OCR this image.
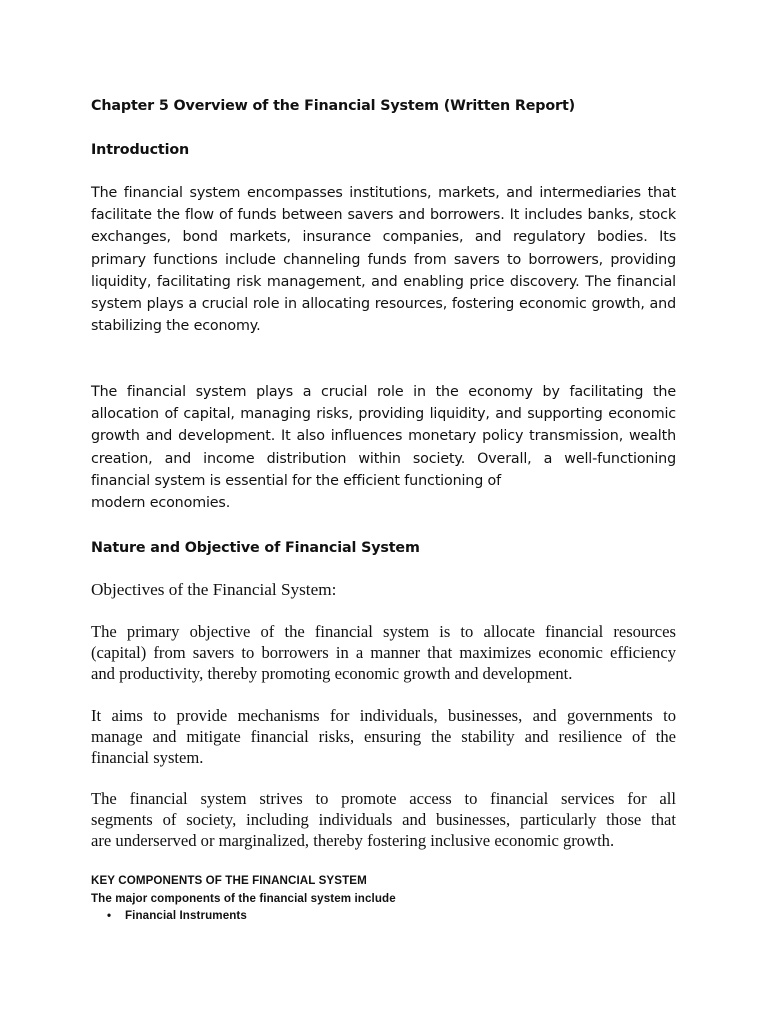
Chapter 5 Overview of the Financial System (Written Report)
Introduction

The financial system encompasses institutions, markets, and intermediaries that
facilitate the flow of funds between savers and borrowers. It includes banks, stock
exchanges, bond markets, insurance companies, and regulatory bodies. Its
primary functions include channeling funds from savers to borrowers, providing
liquidity, facilitating risk management, and enabling price discovery. The financial
system plays a crucial role in allocating resources, fostering economic growth, and
stabilizing the economy.

The financial system plays a crucial role in the economy by facilitating the
allocation of capital, managing risks, providing liquidity, and supporting economic
growth and development. It also influences monetary policy transmission, wealth
creation, and income distribution within society. Overall, a well-functioning
financial system is essential for the efficient functioning of
modern economies.

Nature and Objective of Financial System
Objectives of the Financial System:

The primary objective of the financial system is to allocate financial resources
(capital) from savers to borrowers in a manner that maximizes economic efficiency
and productivity, thereby promoting economic growth and development.

It aims to provide mechanisms for individuals, businesses, and governments to
manage and mitigate financial risks, ensuring the stability and resilience of the
financial system.

The financial system strives to promote access to financial services for all
segments of society, including individuals and businesses, particularly those that
are underserved or marginalized, thereby fostering inclusive economic growth.

KEY COMPONENTS OF THE FINANCIAL SYSTEM
The major components of the financial system include
• Financial Instruments
